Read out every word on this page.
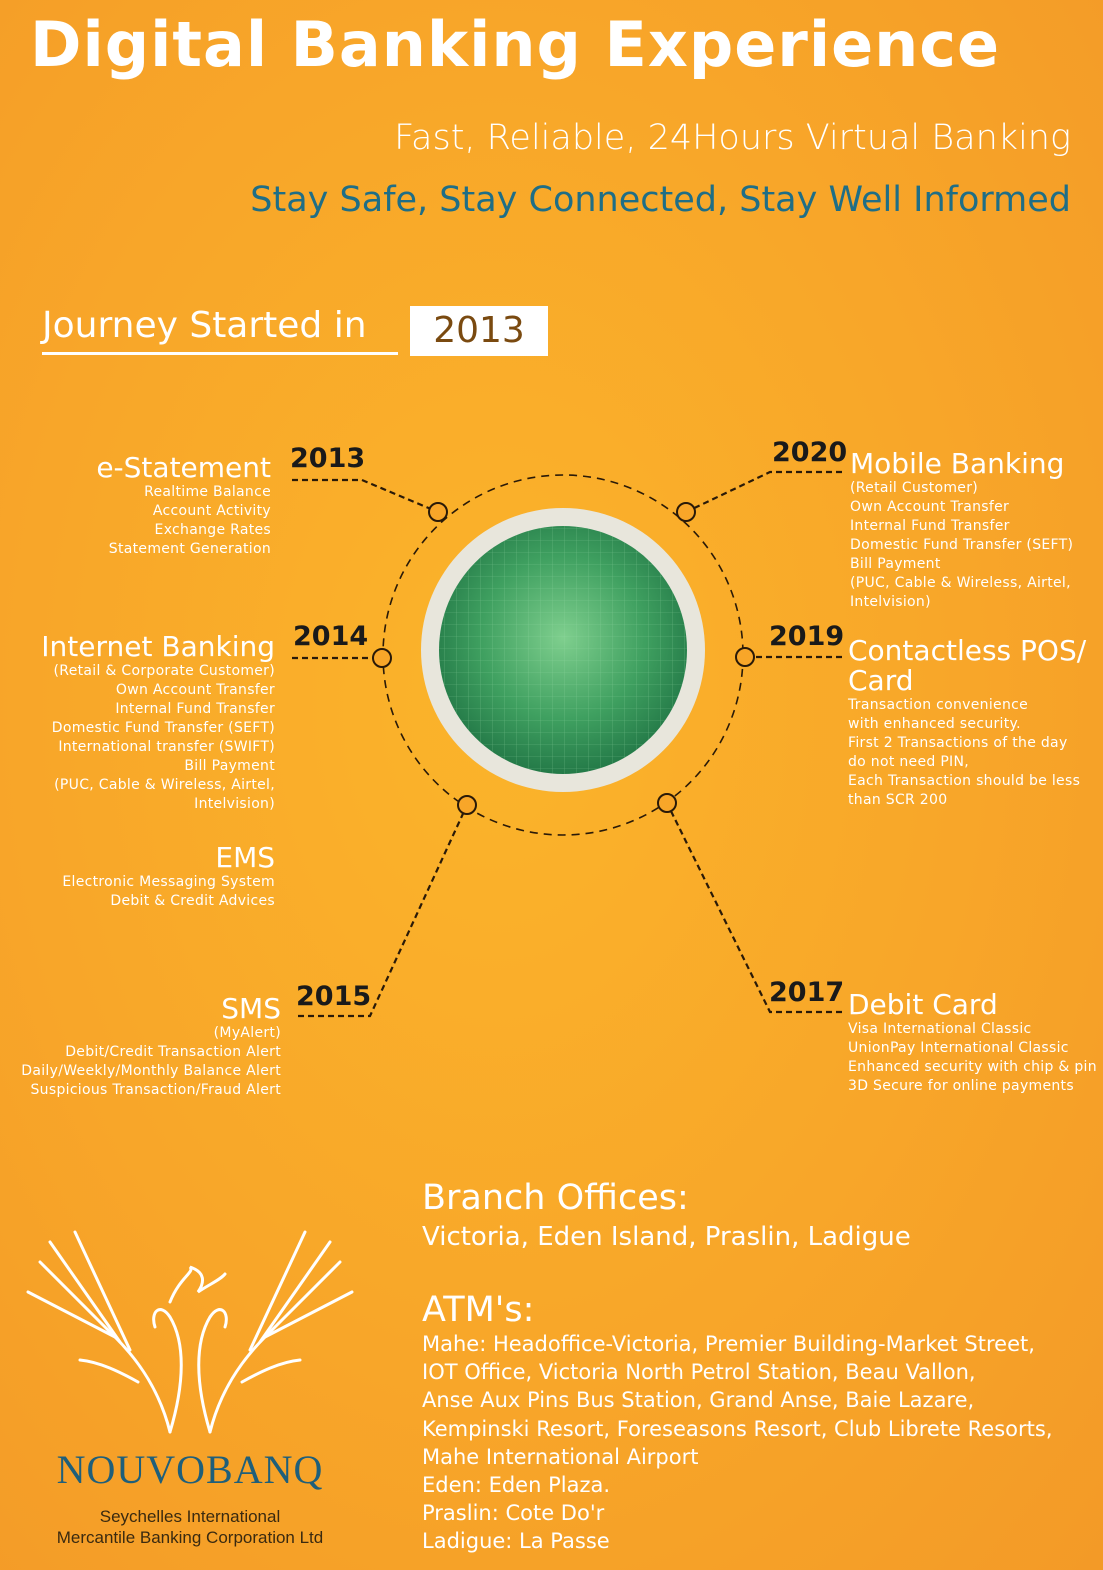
Digital Banking Experience
Fast, Reliable, 24Hours Virtual Banking
Stay Safe, Stay Connected, Stay Well Informed
Journey Started in	2013
2013
e-Statement
Realtime Balance
Account Activity
Exchange Rates
Statement Generation
2014
Internet Banking
(Retail & Corporate Customer)
Own Account Transfer
Internal Fund Transfer
Domestic Fund Transfer (SEFT)
International transfer (SWIFT)
Bill Payment
(PUC, Cable & Wireless, Airtel,
Intelvision)
EMS
Electronic Messaging System
Debit & Credit Advices
2015
SMS
(MyAlert)
Debit/Credit Transaction Alert
Daily/Weekly/Monthly Balance Alert
Suspicious Transaction/Fraud Alert
2020 Mobile Banking
(Retail Customer)
Own Account Transfer
Internal Fund Transfer
Domestic Fund Transfer (SEFT)
Bill Payment
(PUC, Cable & Wireless, Airtel,
Intelvision)
2019 Contactless POS/
Card
Transaction convenience
with enhanced security.
First 2 Transactions of the day
do not need PIN,
Each Transaction should be less
than SCR 200
2017 Debit Card
Visa International Classic
UnionPay International Classic
Enhanced security with chip & pin
3D Secure for online payments
Branch Offices:
Victoria, Eden Island, Praslin, Ladigue
ATM's:
Mahe: Headoffice-Victoria, Premier Building-Market Street,
IOT Office, Victoria North Petrol Station, Beau Vallon,
Anse Aux Pins Bus Station, Grand Anse, Baie Lazare,
Kempinski Resort, Foreseasons Resort, Club Librete Resorts,
Mahe International Airport
Eden: Eden Plaza.
Praslin: Cote Do'r
Ladigue: La Passe
NOUVOBANQ
Seychelles International
Mercantile Banking Corporation Ltd
